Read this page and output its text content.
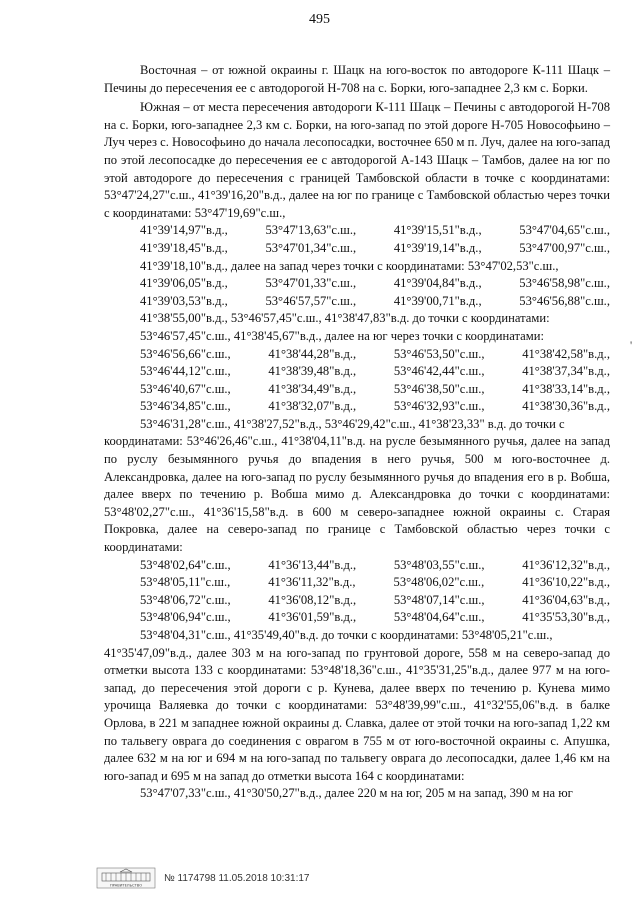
495

Восточная – от южной окраины г. Шацк на юго-восток по автодороге К-111 Шацк – Печины до пересечения ее с автодорогой Н-708 на с. Борки, юго-западнее 2,3 км с. Борки.

Южная – от места пересечения автодороги К-111 Шацк – Печины с автодорогой Н-708 на с. Борки, юго-западнее 2,3 км с. Борки, на юго-запад по этой дороге Н-705 Новософьино – Луч через с. Новософьино до начала лесопосадки, восточнее 650 м п. Луч, далее на юго-запад по этой лесопосадке до пересечения ее с автодорогой А-143 Шацк – Тамбов, далее на юг по этой автодороге до пересечения с границей Тамбовской области в точке с координатами: 53°47'24,27"с.ш., 41°39'16,20"в.д., далее на юг по границе с Тамбовской областью через точки с координатами: 53°47'19,69"с.ш.,
41°39'14,97"в.д.,	53°47'13,63"с.ш.,	41°39'15,51"в.д.,	53°47'04,65"с.ш.,
41°39'18,45"в.д.,	53°47'01,34"с.ш.,	41°39'19,14"в.д.,	53°47'00,97"с.ш.,
41°39'18,10"в.д., далее на запад через точки с координатами: 53°47'02,53"с.ш.,
41°39'06,05"в.д.,	53°47'01,33"с.ш.,	41°39'04,84"в.д.,	53°46'58,98"с.ш.,
41°39'03,53"в.д.,	53°46'57,57"с.ш.,	41°39'00,71"в.д.,	53°46'56,88"с.ш.,
41°38'55,00"в.д., 53°46'57,45"с.ш., 41°38'47,83"в.д. до точки с координатами:
53°46'57,45"с.ш., 41°38'45,67"в.д., далее на юг через точки с координатами:
53°46'56,66"с.ш.,	41°38'44,28"в.д.,	53°46'53,50"с.ш.,	41°38'42,58"в.д.,
53°46'44,12"с.ш.,	41°38'39,48"в.д.,	53°46'42,44"с.ш.,	41°38'37,34"в.д.,
53°46'40,67"с.ш.,	41°38'34,49"в.д.,	53°46'38,50"с.ш.,	41°38'33,14"в.д.,
53°46'34,85"с.ш.,	41°38'32,07"в.д.,	53°46'32,93"с.ш.,	41°38'30,36"в.д.,
53°46'31,28"с.ш., 41°38'27,52"в.д., 53°46'29,42"с.ш., 41°38'23,33" в.д. до точки с
координатами: 53°46'26,46"с.ш., 41°38'04,11"в.д. на русле безымянного ручья, далее на запад по руслу безымянного ручья до впадения в него ручья, 500 м юго-восточнее д. Александровка, далее на юго-запад по руслу безымянного ручья до впадения его в р. Вобша, далее вверх по течению р. Вобша мимо д. Александровка до точки с координатами: 53°48'02,27"с.ш., 41°36'15,58"в.д. в 600 м северо-западнее южной окраины с. Старая Покровка, далее на северо-запад по границе с Тамбовской областью через точки с координатами:
53°48'02,64"с.ш.,	41°36'13,44"в.д.,	53°48'03,55"с.ш.,	41°36'12,32"в.д.,
53°48'05,11"с.ш.,	41°36'11,32"в.д.,	53°48'06,02"с.ш.,	41°36'10,22"в.д.,
53°48'06,72"с.ш.,	41°36'08,12"в.д.,	53°48'07,14"с.ш.,	41°36'04,63"в.д.,
53°48'06,94"с.ш.,	41°36'01,59"в.д.,	53°48'04,64"с.ш.,	41°35'53,30"в.д.,
53°48'04,31"с.ш., 41°35'49,40"в.д. до точки с координатами: 53°48'05,21"с.ш.,
41°35'47,09"в.д., далее 303 м на юго-запад по грунтовой дороге, 558 м на северо-запад до отметки высота 133 с координатами: 53°48'18,36"с.ш., 41°35'31,25"в.д., далее 977 м на юго-запад, до пересечения этой дороги с р. Кунева, далее вверх по течению р. Кунева мимо урочища Валяевка до точки с координатами: 53°48'39,99"с.ш., 41°32'55,06"в.д. в балке Орлова, в 221 м западнее южной окраины д. Славка, далее от этой точки на юго-запад 1,22 км по тальвегу оврага до соединения с оврагом в 755 м от юго-восточной окраины с. Апушка, далее 632 м на юг и 694 м на юго-запад по тальвегу оврага до лесопосадки, далее 1,46 км на юго-запад и 695 м на запад до отметки высота 164 с координатами:
53°47'07,33"с.ш., 41°30'50,27"в.д., далее 220 м на юг, 205 м на запад, 390 м на юг

'
ПРАВИТЕЛЬСТВО
№ 1174798 11.05.2018 10:31:17
